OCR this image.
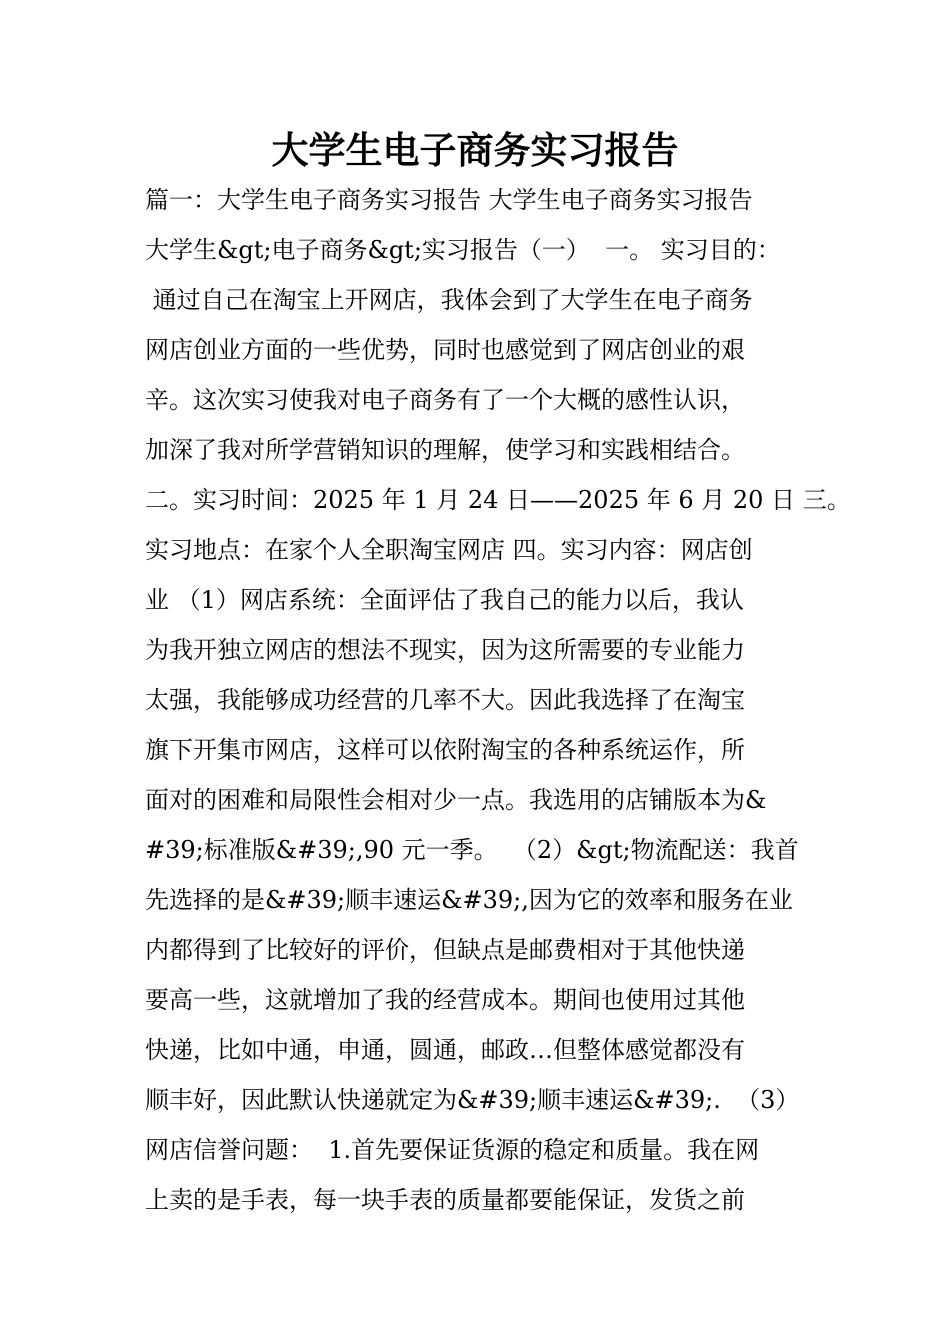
大学生电子商务实习报告
篇一：大学生电子商务实习报告 大学生电子商务实习报告
大学生&gt;电子商务&gt;实习报告（一）  一。 实习目的：
通过自己在淘宝上开网店，我体会到了大学生在电子商务
网店创业方面的一些优势，同时也感觉到了网店创业的艰
辛。这次实习使我对电子商务有了一个大概的感性认识，
加深了我对所学营销知识的理解，使学习和实践相结合。
二。实习时间：2025 年 1 月 24 日——2025 年 6 月 20 日 三。
实习地点：在家个人全职淘宝网店 四。实习内容：网店创
业 （1）网店系统：全面评估了我自己的能力以后，我认
为我开独立网店的想法不现实，因为这所需要的专业能力
太强，我能够成功经营的几率不大。因此我选择了在淘宝
旗下开集市网店，这样可以依附淘宝的各种系统运作，所
面对的困难和局限性会相对少一点。我选用的店铺版本为&
#39;标准版&#39;,90 元一季。  （2）&gt;物流配送：我首
先选择的是&#39;顺丰速运&#39;,因为它的效率和服务在业
内都得到了比较好的评价，但缺点是邮费相对于其他快递
要高一些，这就增加了我的经营成本。期间也使用过其他
快递，比如中通，申通，圆通，邮政…但整体感觉都没有
顺丰好，因此默认快递就定为&#39;顺丰速运&#39;.  （3）
网店信誉问题：  1.首先要保证货源的稳定和质量。我在网
上卖的是手表，每一块手表的质量都要能保证，发货之前
